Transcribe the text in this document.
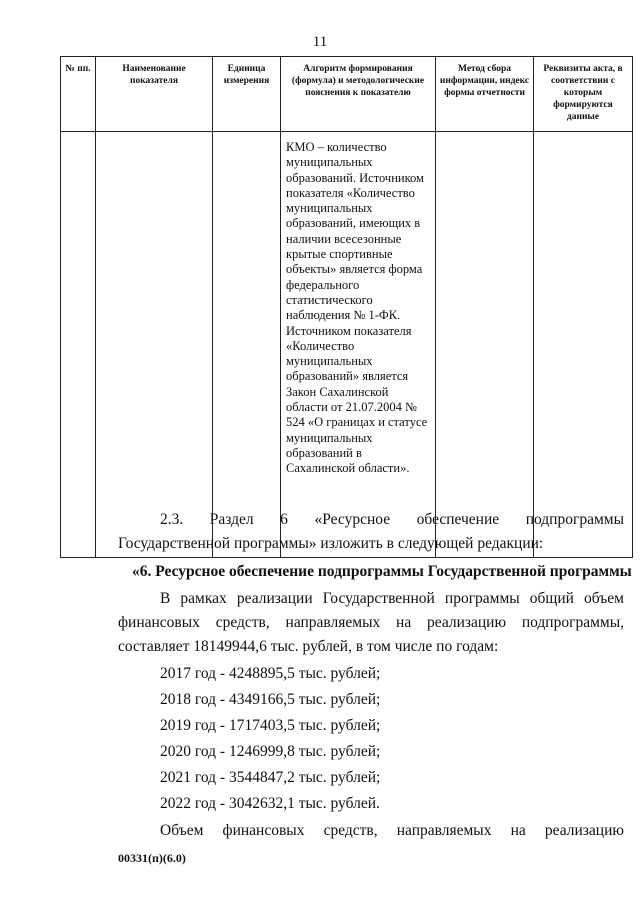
11
№ пп.	Наименование показателя	Единица измерения	Алгоритм формирования (формула) и методологические пояснения к показателю	Метод сбора информации, индекс формы отчетности	Реквизиты акта, в соответствии с которым формируются данные

			КМО – количество муниципальных образований. Источником показателя «Количество муниципальных образований, имеющих в наличии всесезонные крытые спортивные объекты» является форма федерального статистического наблюдения № 1-ФК. Источником показателя «Количество муниципальных образований» является Закон Сахалинской области от 21.07.2004 № 524 «О границах и статусе муниципальных образований в Сахалинской области».		

2.3. Раздел 6 «Ресурсное обеспечение подпрограммы Государственной программы» изложить в следующей редакции:
«6. Ресурсное обеспечение подпрограммы Государственной программы
В рамках реализации Государственной программы общий объем финансовых средств, направляемых на реализацию подпрограммы, составляет 18149944,6 тыс. рублей, в том числе по годам:
2017 год - 4248895,5 тыс. рублей;
2018 год - 4349166,5 тыс. рублей;
2019 год - 1717403,5 тыс. рублей;
2020 год - 1246999,8 тыс. рублей;
2021 год - 3544847,2 тыс. рублей;
2022 год - 3042632,1 тыс. рублей.
Объем финансовых средств, направляемых на реализацию
00331(п)(6.0)
